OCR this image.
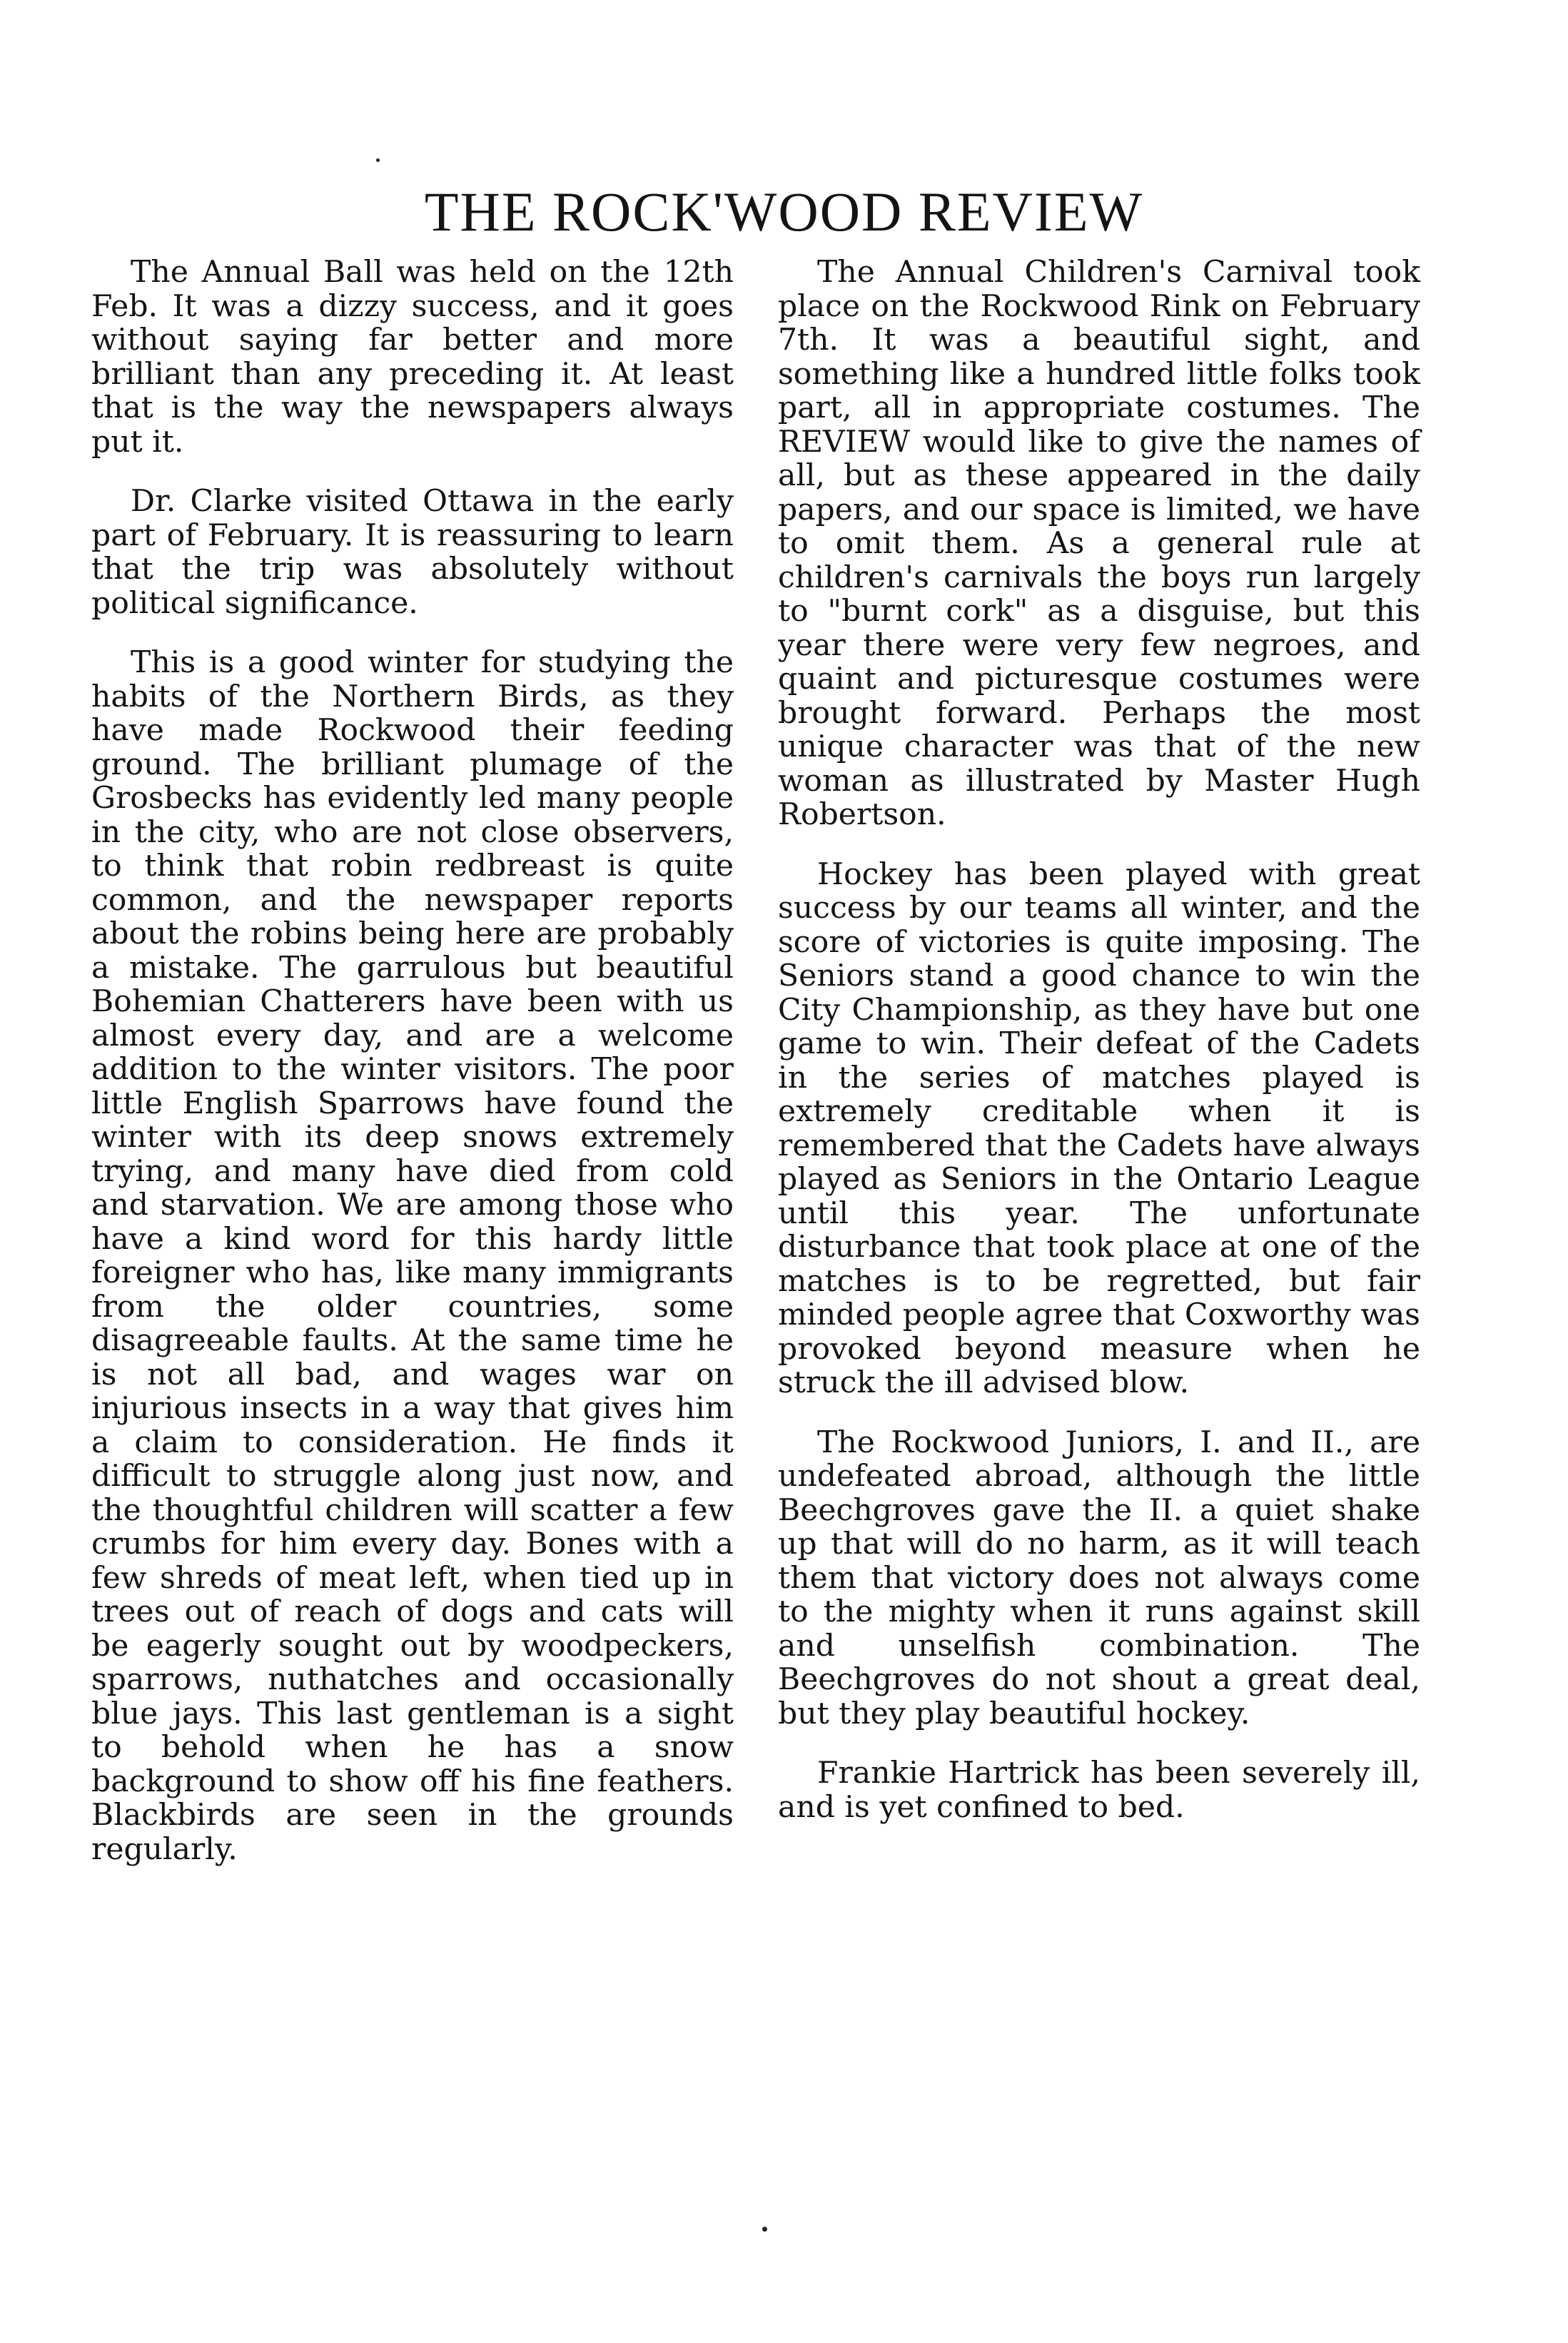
THE ROCK'WOOD REVIEW

The Annual Ball was held on the 12th Feb. It was a dizzy success, and it goes without saying far better and more brilliant than any preceding it. At least that is the way the newspapers always put it.

Dr. Clarke visited Ottawa in the early part of February. It is reassuring to learn that the trip was absolutely without political significance.

This is a good winter for studying the habits of the Northern Birds, as they have made Rockwood their feeding ground. The brilliant plumage of the Grosbecks has evidently led many people in the city, who are not close observers, to think that robin redbreast is quite common, and the newspaper reports about the robins being here are probably a mistake. The garrulous but beautiful Bohemian Chatterers have been with us almost every day, and are a welcome addition to the winter visitors. The poor little English Sparrows have found the winter with its deep snows extremely trying, and many have died from cold and starvation. We are among those who have a kind word for this hardy little foreigner who has, like many immigrants from the older countries, some disagreeable faults. At the same time he is not all bad, and wages war on injurious insects in a way that gives him a claim to consideration. He finds it difficult to struggle along just now, and the thoughtful children will scatter a few crumbs for him every day. Bones with a few shreds of meat left, when tied up in trees out of reach of dogs and cats will be eagerly sought out by woodpeckers, sparrows, nuthatches and occasionally blue jays. This last gentleman is a sight to behold when he has a snow background to show off his fine feathers. Blackbirds are seen in the grounds regularly.

The Annual Children's Carnival took place on the Rockwood Rink on February 7th. It was a beautiful sight, and something like a hundred little folks took part, all in appropriate costumes. The REVIEW would like to give the names of all, but as these appeared in the daily papers, and our space is limited, we have to omit them. As a general rule at children's carnivals the boys run largely to "burnt cork" as a disguise, but this year there were very few negroes, and quaint and picturesque costumes were brought forward. Perhaps the most unique character was that of the new woman as illustrated by Master Hugh Robertson.

Hockey has been played with great success by our teams all winter, and the score of victories is quite imposing. The Seniors stand a good chance to win the City Championship, as they have but one game to win. Their defeat of the Cadets in the series of matches played is extremely creditable when it is remembered that the Cadets have always played as Seniors in the Ontario League until this year. The unfortunate disturbance that took place at one of the matches is to be regretted, but fair minded people agree that Coxworthy was provoked beyond measure when he struck the ill advised blow.

The Rockwood Juniors, I. and II., are undefeated abroad, although the little Beechgroves gave the II. a quiet shake up that will do no harm, as it will teach them that victory does not always come to the mighty when it runs against skill and unselfish combination. The Beechgroves do not shout a great deal, but they play beautiful hockey.

Frankie Hartrick has been severely ill, and is yet confined to bed.
